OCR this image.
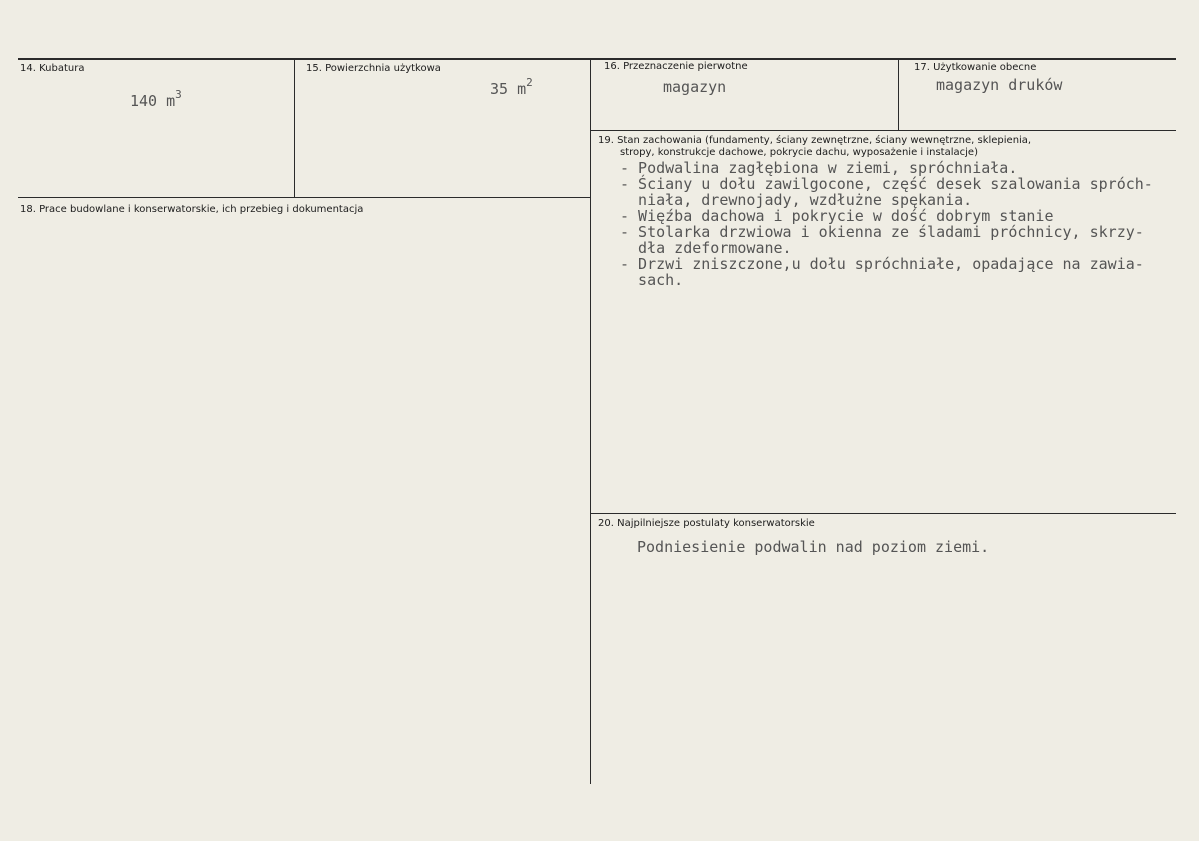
14. Kubatura
140 $m^3$
15. Powierzchnia użytkowa
35 $m^2$
16. Przeznaczenie pierwotne
magazyn
17. Użytkowanie obecne
magazyn druków
18. Prace budowlane i konserwatorskie, ich przebieg i dokumentacja
19. Stan zachowania (fundamenty, ściany zewnętrzne, ściany wewnętrzne, sklepienia,
stropy, konstrukcje dachowe, pokrycie dachu, wyposażenie i instalacje)
- Podwalina zagłębiona w ziemi, spróchniała.
- Ściany u dołu zawilgocone, część desek szalowania spróch-
niała, drewnojady, wzdłużne spękania.
- Więźba dachowa i pokrycie w dość dobrym stanie
- Stolarka drzwiowa i okienna ze śladami próchnicy, skrzy-
dła zdeformowane.
- Drzwi zniszczone,u dołu spróchniałe, opadające na zawia-
sach.
20. Najpilniejsze postulaty konserwatorskie
Podniesienie podwalin nad poziom ziemi.
